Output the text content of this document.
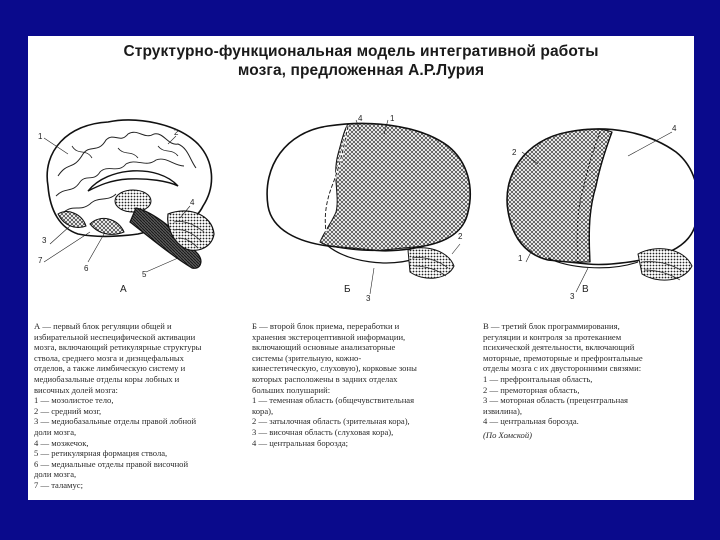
Структурно-функциональная модель интегративной работы
мозга, предложенная А.Р.Лурия
1	2
3
7
6
5
4
А
4	1
2
3
Б
4
2
1
3
В
А — первый блок регуляции общей и
избирательной неспецифической активации
мозга, включающий ретикулярные структуры
ствола, среднего мозга и диэнцефальных
отделов, а также лимбическую систему и
медиобазальные отделы коры лобных и
височных долей мозга:
1 — мозолистое тело,
2 — средний мозг,
3 — медиобазальные отделы правой лобной
доли мозга,
4 — мозжечок,
5 — ретикулярная формация ствола,
6 — медиальные отделы правой височной
доли мозга,
7 — таламус;
Б — второй блок приема, переработки и
хранения экстероцептивной информации,
включающий основные анализаторные
системы (зрительную, кожно-
кинестетическую, слуховую), корковые зоны
которых расположены в задних отделах
больших полушарий:
1 — теменная область (общечувствительная
кора),
2 — затылочная область (зрительная кора),
3 — височная область (слуховая кора),
4 — центральная борозда;
В — третий блок программирования,
регуляции и контроля за протеканием
психической деятельности, включающий
моторные, премоторные и префронтальные
отделы мозга с их двусторонними связями:
1 — префронтальная область,
2 — премоторная область,
3 — моторная область (прецентральная
извилина),
4 — центральная борозда.
(По Хомской)
